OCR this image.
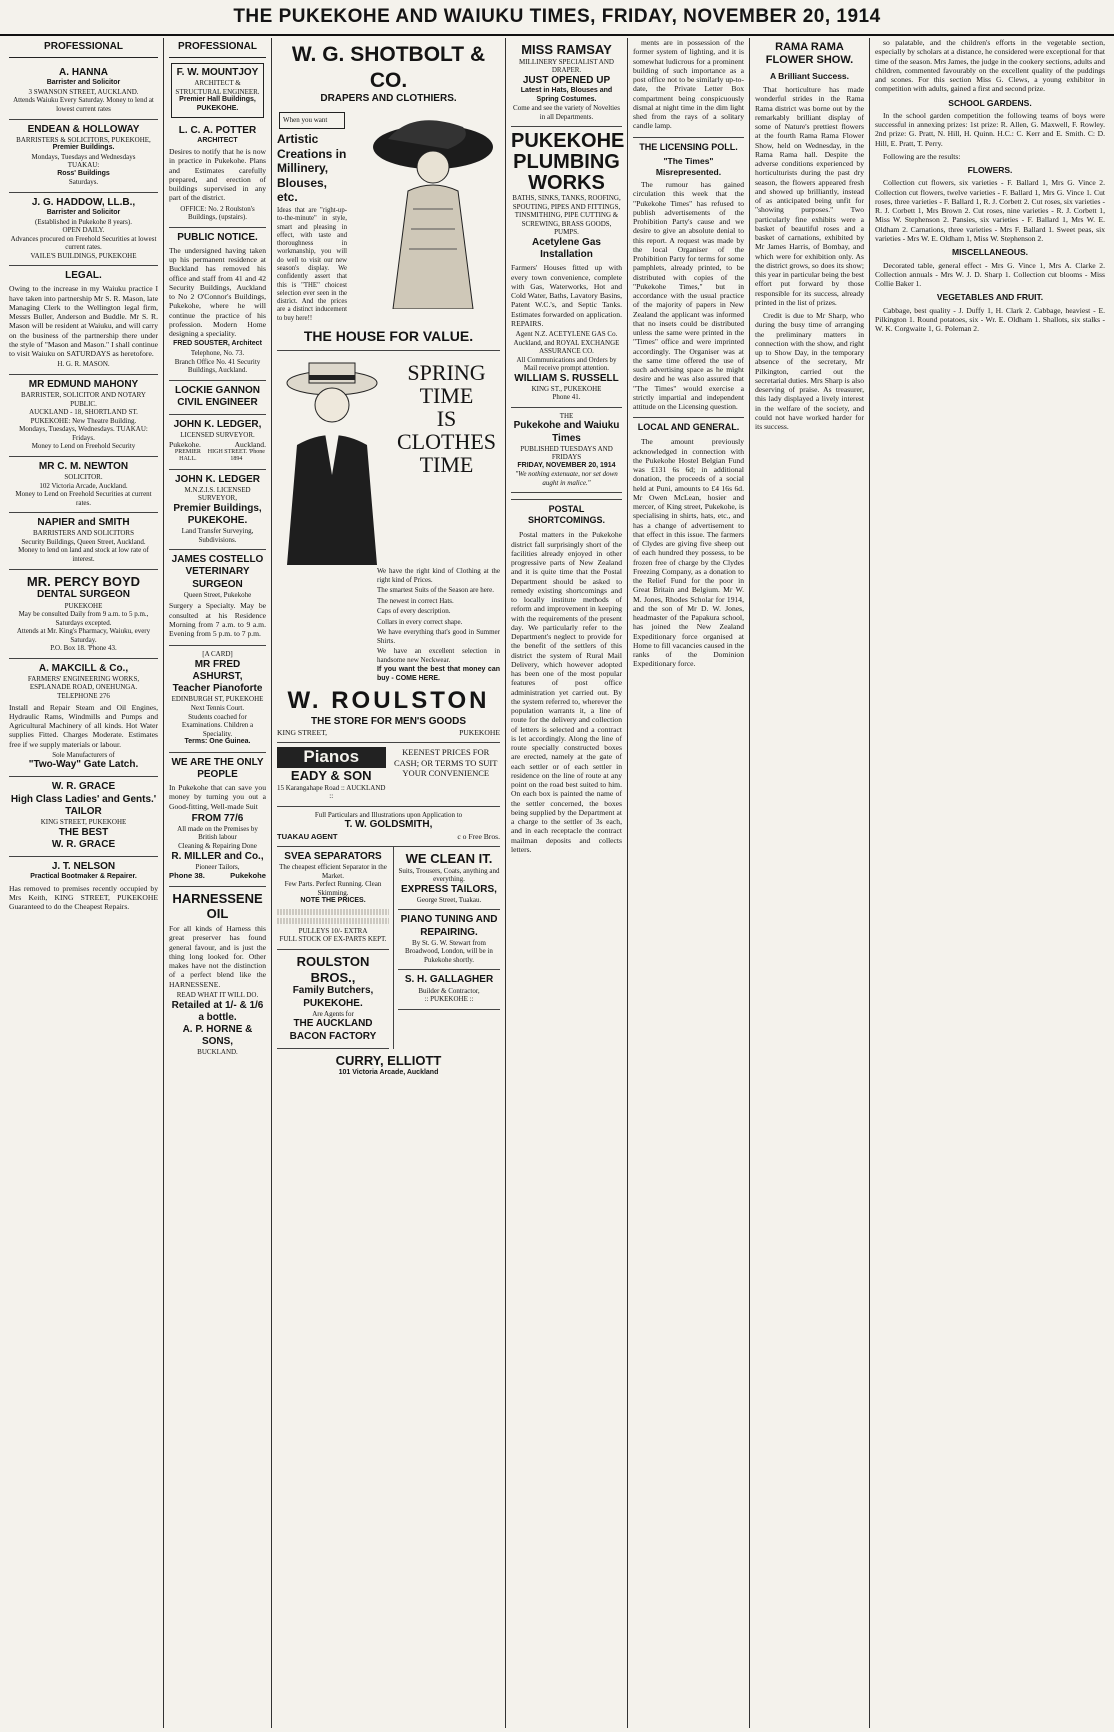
THE PUKEKOHE AND WAIUKU TIMES, FRIDAY, NOVEMBER 20, 1914
PROFESSIONAL
A. HANNA
Barrister and Solicitor
3 SWANSON STREET, AUCKLAND.
Attends Waiuku Every Saturday. Money to lend at lowest current rates
ENDEAN & HOLLOWAY
BARRISTERS & SOLICITORS, PUKEKOHE,
Premier Buildings.
Mondays, Tuesdays and Wednesdays
TUAKAU:
Ross' Buildings
Saturdays.
J. G. HADDOW, LL.B.,
Barrister and Solicitor
(Established in Pukekohe 8 years).
OPEN DAILY.
Advances procured on Freehold Securities at lowest current rates.
VAILE'S BUILDINGS, PUKEKOHE
LEGAL.

Owing to the increase in my Waiuku practice I have taken into partnership Mr S. R. Mason, late Managing Clerk to the Wellington legal firm, Messrs Buller, Anderson and Buddle. Mr S. R. Mason will be resident at Waiuku, and will carry on the business of the partnership there under the style of "Mason and Mason." I shall continue to visit Waiuku on SATURDAYS as heretofore.

H. G. R. MASON.
MR EDMUND MAHONY
BARRISTER, SOLICITOR AND NOTARY PUBLIC.
AUCKLAND - 18, SHORTLAND ST.
PUKEKOHE: New Theatre Building.
Mondays, Tuesdays, Wednesdays. TUAKAU: Fridays.
Money to Lend on Freehold Security
MR C. M. NEWTON
SOLICITOR.
102 Victoria Arcade, Auckland.
Money to Lend on Freehold Securities at current rates.
NAPIER and SMITH
BARRISTERS AND SOLICITORS
Security Buildings, Queen Street, Auckland.
Money to lend on land and stock at low rate of interest.
MR. PERCY BOYD
DENTAL SURGEON
PUKEKOHE
May be consulted Daily from 9 a.m. to 5 p.m., Saturdays excepted.
Attends at Mr. King's Pharmacy, Waiuku, every Saturday.
P.O. Box 18. 'Phone 43.
A. MAKCILL & Co.,
FARMERS' ENGINEERING WORKS, ESPLANADE ROAD, ONEHUNGA.
TELEPHONE 276

Install and Repair Steam and Oil Engines, Hydraulic Rams, Windmills and Pumps and Agricultural Machinery of all kinds. Hot Water supplies Fitted. Charges Moderate. Estimates free if we supply materials or labour.

Sole Manufacturers of
"Two-Way" Gate Latch.
W. R. GRACE
High Class Ladies' and Gents.' TAILOR
KING STREET, PUKEKOHE
THE BEST
W. R. GRACE
J. T. NELSON
Practical Bootmaker & Repairer.

Has removed to premises recently occupied by Mrs Keith, KING STREET, PUKEKOHE Guaranteed to do the Cheapest Repairs.

PROFESSIONAL
F. W. MOUNTJOY
ARCHITECT & STRUCTURAL ENGINEER.
Premier Hall Buildings, PUKEKOHE.
L. C. A. POTTER
ARCHITECT

Desires to notify that he is now in practice in Pukekohe. Plans and Estimates carefully prepared, and erection of buildings supervised in any part of the district.

OFFICE: No. 2 Roulston's Buildings, (upstairs).
PUBLIC NOTICE.

The undersigned having taken up his permanent residence at Buckland has removed his office and staff from 41 and 42 Security Buildings, Auckland to No 2 O'Connor's Buildings, Pukekohe, where he will continue the practice of his profession. Modern Home designing a speciality.

FRED SOUSTER, Architect
Telephone, No. 73.
Branch Office No. 41 Security Buildings, Auckland.
LOCKIE GANNON
CIVIL ENGINEER
JOHN K. LEDGER,
LICENSED SURVEYOR.
Pukekohe.	Auckland.
PREMIER HALL.
HIGH STREET. 'Phone 1894
JOHN K. LEDGER
M.N.Z.I.S. LICENSED SURVEYOR,
Premier Buildings, PUKEKOHE.
Land Transfer Surveying, Subdivisions.
JAMES COSTELLO
VETERINARY SURGEON
Queen Street, Pukekohe

Surgery a Specialty. May be consulted at his Residence Morning from 7 a.m. to 9 a.m. Evening from 5 p.m. to 7 p.m.

[A CARD]
MR FRED ASHURST,
Teacher Pianoforte
EDINBURGH ST, PUKEKOHE Next Tennis Court.
Students coached for Examinations. Children a Speciality.
Terms: One Guinea.
WE ARE THE ONLY PEOPLE

In Pukekohe that can save you money by turning you out a Good-fitting, Well-made Suit

FROM 77/6
All made on the Premises by British labour
Cleaning & Repairing Done
R. MILLER and Co.,
Pioneer Tailors,
Phone 38.	Pukekohe
HARNESSENE OIL

For all kinds of Harness this great preserver has found general favour, and is just the thing long looked for. Other makes have not the distinction of a perfect blend like the HARNESSENE.

READ WHAT IT WILL DO.
Retailed at 1/- & 1/6 a bottle.
A. P. HORNE & SONS,
BUCKLAND.
W. G. SHOTBOLT & CO.
DRAPERS AND CLOTHIERS.
When you want
Artistic Creations in Millinery, Blouses, etc.

Ideas that are "right-up-to-the-minute" in style, smart and pleasing in effect, with taste and thoroughness in workmanship, you will do well to visit our new season's display. We confidently assert that this is "THE" choicest selection ever seen in the district. And the prices are a distinct inducement to buy here!!

THE HOUSE FOR VALUE.
SPRING
TIME
IS
CLOTHES
TIME

We have the right kind of Clothing at the right kind of Prices.

The smartest Suits of the Season are here.

The newest in correct Hats.

Caps of every description.

Collars in every correct shape.

We have everything that's good in Summer Shirts.

We have an excellent selection in handsome new Neckwear.

If you want the best that money can buy - COME HERE.

W. ROULSTON
THE STORE FOR MEN'S GOODS
KING STREET,	PUKEKOHE
Pianos
EADY & SON
15 Karangahape Road :: AUCKLAND ::
KEENEST PRICES FOR CASH; OR TERMS TO SUIT YOUR CONVENIENCE
Full Particulars and Illustrations upon Application to
T. W. GOLDSMITH,
TUAKAU AGENT	c o Free Bros.
SVEA SEPARATORS
The cheapest efficient Separator in the Market.
Few Parts. Perfect Running. Clean Skimming.
NOTE THE PRICES.
PULLEYS 10/- EXTRA
FULL STOCK OF EX-PARTS KEPT.
ROULSTON BROS.,
Family Butchers,
PUKEKOHE.
Are Agents for
THE AUCKLAND
BACON FACTORY
WE CLEAN IT.
Suits, Trousers, Coats, anything and everything.
EXPRESS TAILORS,
George Street, Tuakau.
PIANO TUNING AND REPAIRING.
By St. G. W. Stewart from Broadwood, London, will be in Pukekohe shortly.
S. H. GALLAGHER
Builder & Contractor,
:: PUKEKOHE ::
CURRY, ELLIOTT
101 Victoria Arcade, Auckland
MISS RAMSAY
MILLINERY SPECIALIST AND DRAPER.
JUST OPENED UP
Latest in Hats, Blouses and Spring Costumes.
Come and see the variety of Novelties in all Departments.
PUKEKOHE PLUMBING WORKS
BATHS, SINKS, TANKS, ROOFING, SPOUTING, PIPES AND FITTINGS, TINSMITHING, PIPE CUTTING & SCREWING, BRASS GOODS, PUMPS.
Acetylene Gas Installation

Farmers' Houses fitted up with every town convenience, complete with Gas, Waterworks, Hot and Cold Water, Baths, Lavatory Basins, Patent W.C.'s, and Septic Tanks. Estimates forwarded on application. REPAIRS.

Agent N.Z. ACETYLENE GAS Co. Auckland, and ROYAL EXCHANGE ASSURANCE CO.
All Communications and Orders by Mail receive prompt attention.
WILLIAM S. RUSSELL
KING ST., PUKEKOHE
Phone 41.
THE
Pukekohe and Waiuku Times
PUBLISHED TUESDAYS AND FRIDAYS
FRIDAY, NOVEMBER 20, 1914
"We nothing extenuate, nor set down aught in malice."
POSTAL SHORTCOMINGS.

Postal matters in the Pukekohe district fall surprisingly short of the facilities already enjoyed in other progressive parts of New Zealand and it is quite time that the Postal Department should be asked to remedy existing shortcomings and to locally institute methods of reform and improvement in keeping with the requirements of the present day. We particularly refer to the Department's neglect to provide for the benefit of the settlers of this district the system of Rural Mail Delivery, which however adopted has been one of the most popular features of post office administration yet carried out. By the system referred to, wherever the population warrants it, a line of route for the delivery and collection of letters is selected and a contract is let accordingly. Along the line of route specially constructed boxes are erected, namely at the gate of each settler or of each settler in residence on the line of route at any point on the road best suited to him. On each box is painted the name of the settler concerned, the boxes being supplied by the Department at a charge to the settler of 3s each, and in each receptacle the contract mailman deposits and collects letters.

ments are in possession of the former system of lighting, and it is somewhat ludicrous for a prominent building of such importance as a post office not to be similarly up-to-date, the Private Letter Box compartment being conspicuously dismal at night time in the dim light shed from the rays of a solitary candle lamp.

THE LICENSING POLL.
"The Times" Misrepresented.

The rumour has gained circulation this week that the "Pukekohe Times" has refused to publish advertisements of the Prohibition Party's cause and we desire to give an absolute denial to this report. A request was made by the local Organiser of the Prohibition Party for terms for some pamphlets, already printed, to be distributed with copies of the "Pukekohe Times," but in accordance with the usual practice of the majority of papers in New Zealand the applicant was informed that no insets could be distributed unless the same were printed in the "Times" office and were imprinted accordingly. The Organiser was at the same time offered the use of such advertising space as he might desire and he was also assured that "The Times" would exercise a strictly impartial and independent attitude on the Licensing question.

LOCAL AND GENERAL.

The amount previously acknowledged in connection with the Pukekohe Hostel Belgian Fund was £131 6s 6d; in additional donation, the proceeds of a social held at Puni, amounts to £4 16s 6d. Mr Owen McLean, hosier and mercer, of King street, Pukekohe, is specialising in shirts, hats, etc., and has a change of advertisement to that effect in this issue. The farmers of Clydes are giving five sheep out of each hundred they possess, to be frozen free of charge by the Clydes Freezing Company, as a donation to the Relief Fund for the poor in Great Britain and Belgium. Mr W. M. Jones, Rhodes Scholar for 1914, and the son of Mr D. W. Jones, headmaster of the Papakura school, has joined the New Zealand Expeditionary force organised at Home to fill vacancies caused in the ranks of the Dominion Expeditionary force.

RAMA RAMA FLOWER SHOW.
A Brilliant Success.

That horticulture has made wonderful strides in the Rama Rama district was borne out by the remarkably brilliant display of some of Nature's prettiest flowers at the fourth Rama Rama Flower Show, held on Wednesday, in the Rama Rama hall. Despite the adverse conditions experienced by horticulturists during the past dry season, the flowers appeared fresh and showed up brilliantly, instead of as anticipated being unfit for "showing purposes." Two particularly fine exhibits were a basket of beautiful roses and a basket of carnations, exhibited by Mr James Harris, of Bombay, and which were for exhibition only. As the district grows, so does its show; this year in particular being the best effort put forward by those responsible for its success, already printed in the list of prizes.

Credit is due to Mr Sharp, who during the busy time of arranging the preliminary matters in connection with the show, and right up to Show Day, in the temporary absence of the secretary, Mr Pilkington, carried out the secretarial duties. Mrs Sharp is also deserving of praise. As treasurer, this lady displayed a lively interest in the welfare of the society, and could not have worked harder for its success.

so palatable, and the children's efforts in the vegetable section, especially by scholars at a distance, he considered were exceptional for that time of the season. Mrs James, the judge in the cookery sections, adults and children, commented favourably on the excellent quality of the puddings and scones. For this section Miss G. Clews, a young exhibitor in competition with adults, gained a first and second prize.

SCHOOL GARDENS.

In the school garden competition the following teams of boys were successful in annexing prizes: 1st prize: R. Allen, G. Maxwell, F. Rowley. 2nd prize: G. Pratt, N. Hill, H. Quinn. H.C.: C. Kerr and E. Smith. C: D. Hill, E. Pratt, T. Perry.

Following are the results:

FLOWERS.

Collection cut flowers, six varieties - F. Ballard 1, Mrs G. Vince 2. Collection cut flowers, twelve varieties - F. Ballard 1, Mrs G. Vince 1. Cut roses, three varieties - F. Ballard 1, R. J. Corbett 2. Cut roses, six varieties - R. J. Corbett 1, Mrs Brown 2. Cut roses, nine varieties - R. J. Corbett 1, Miss W. Stephenson 2. Pansies, six varieties - F. Ballard 1, Mrs W. E. Oldham 2. Carnations, three varieties - Mrs F. Ballard 1. Sweet peas, six varieties - Mrs W. E. Oldham 1, Miss W. Stephenson 2.

MISCELLANEOUS.

Decorated table, general effect - Mrs G. Vince 1, Mrs A. Clarke 2. Collection annuals - Mrs W. J. D. Sharp 1. Collection cut blooms - Miss Collie Baker 1.

VEGETABLES AND FRUIT.

Cabbage, best quality - J. Duffy 1, H. Clark 2. Cabbage, heaviest - E. Pilkington 1. Round potatoes, six - Wr. E. Oldham 1. Shallots, six stalks - W. K. Corgwaite 1, G. Poleman 2.
